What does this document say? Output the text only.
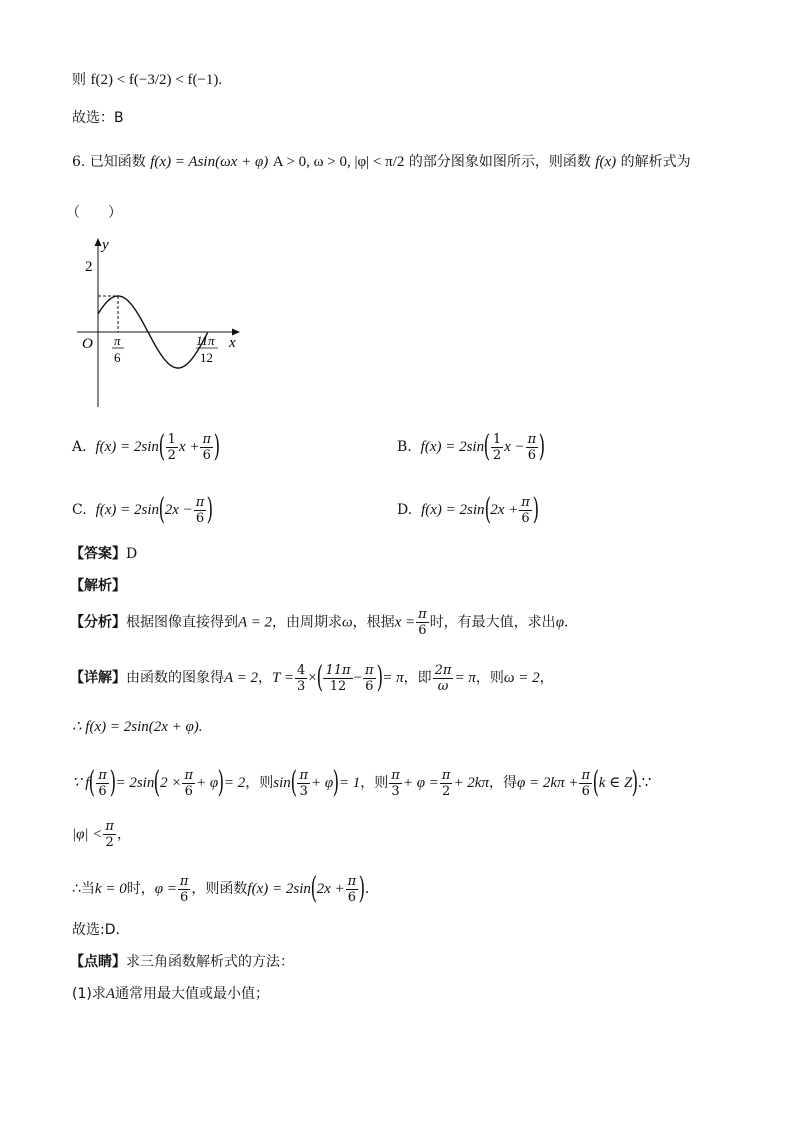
则 f(2) < f(−3/2) < f(−1).
故选：B
6. 已知函数 f(x) = Asin(ωx + φ) A > 0, ω > 0, |φ| < π/2 的部分图象如图所示，则函数 f(x) 的解析式为
（　　）
y
x
O
2
π
6
11π
12
A. $f(x) = 2\sin( \frac{1}{2}$ $x + \frac{\pi}{6}$ )	B. $f(x) = 2\sin( \frac{1}{2}$ $x - \frac{\pi}{6}$ )
C. $f(x) = 2\sin(2x - \frac{\pi}{6}$ )	D. $f(x) = 2\sin(2x + \frac{\pi}{6}$ )
【答案】D
【解析】
【分析】根据图像直接得到A = 2，由周期求ω，根据$x = \frac{\pi}{6}$ 时，有最大值，求出φ.
【详解】由函数的图象得A = 2，$T = \frac{4}{3}$ ×( $\frac{11\pi}{12} - \frac{\pi}{6}$ )= π，即 $\frac{2\pi}{\omega} = \pi$，则ω = 2，
∴ f(x) = 2sin(2x + φ).
∵ $f( \frac{\pi}{6}$ )= $2\sin(2 \times \frac{\pi}{6} + \varphi)= 2$，则$\sin( \frac{\pi}{3} + \varphi)= 1$，则 $\frac{\pi}{3} + \varphi = \frac{\pi}{2} + 2k\pi$，得$\varphi = 2k\pi + \frac{\pi}{6} (k$ ∈ Z).∵
$|\varphi| < \frac{\pi}{2}$ ，
∴当k = 0时，$\varphi = \frac{\pi}{6}$ ，则函数$f(x) = 2\sin(2x + \frac{\pi}{6}$ ).
故选:D.
【点睛】求三角函数解析式的方法：
(1)求A通常用最大值或最小值；
